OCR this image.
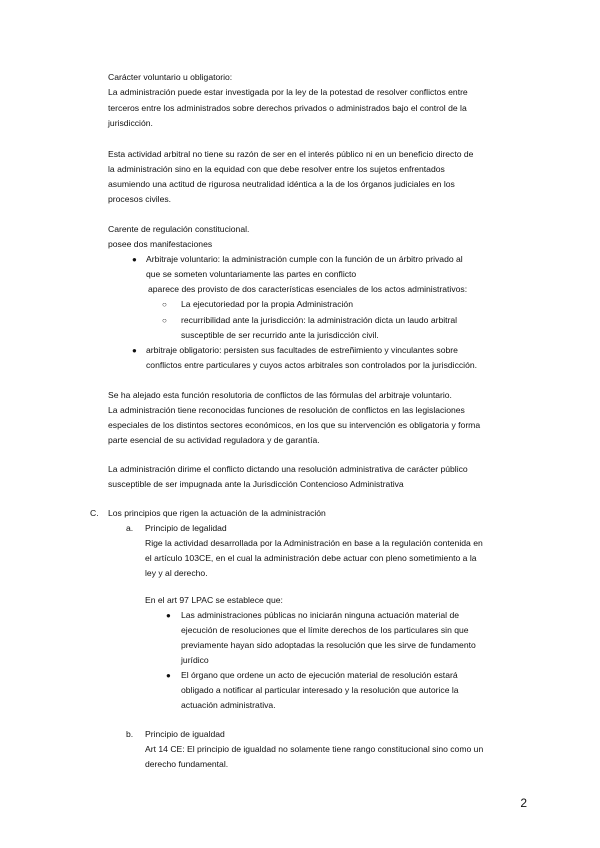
Carácter voluntario u obligatorio:
La administración puede estar investigada por la ley de la potestad de resolver conflictos entre
terceros entre los administrados sobre derechos privados o administrados bajo el control de la
jurisdicción.
Esta actividad arbitral no tiene su razón de ser en el interés público ni en un beneficio directo de
la administración sino en la equidad con que debe resolver entre los sujetos enfrentados
asumiendo una actitud de rigurosa neutralidad idéntica a la de los órganos judiciales en los
procesos civiles.
Carente de regulación constitucional.
posee dos manifestaciones
● Arbitraje voluntario: la administración cumple con la función de un árbitro privado al
que se someten voluntariamente las partes en conflicto
aparece des provisto de dos características esenciales de los actos administrativos:
○ La ejecutoriedad por la propia Administración
○ recurribilidad ante la jurisdicción: la administración dicta un laudo arbitral
susceptible de ser recurrido ante la jurisdicción civil.
● arbitraje obligatorio: persisten sus facultades de estreñimiento y vinculantes sobre
conflictos entre particulares y cuyos actos arbitrales son controlados por la jurisdicción.
Se ha alejado esta función resolutoria de conflictos de las fórmulas del arbitraje voluntario.
La administración tiene reconocidas funciones de resolución de conflictos en las legislaciones
especiales de los distintos sectores económicos, en los que su intervención es obligatoria y forma
parte esencial de su actividad reguladora y de garantía.
La administración dirime el conflicto dictando una resolución administrativa de carácter público
susceptible de ser impugnada ante la Jurisdicción Contencioso Administrativa
C. Los principios que rigen la actuación de la administración
a. Principio de legalidad
Rige la actividad desarrollada por la Administración en base a la regulación contenida en
el artículo 103CE, en el cual la administración debe actuar con pleno sometimiento a la
ley y al derecho.
En el art 97 LPAC se establece que:
● Las administraciones públicas no iniciarán ninguna actuación material de
ejecución de resoluciones que el límite derechos de los particulares sin que
previamente hayan sido adoptadas la resolución que les sirve de fundamento
jurídico
● El órgano que ordene un acto de ejecución material de resolución estará
obligado a notificar al particular interesado y la resolución que autorice la
actuación administrativa.
b. Principio de igualdad
Art 14 CE: El principio de igualdad no solamente tiene rango constitucional sino como un
derecho fundamental.
2
